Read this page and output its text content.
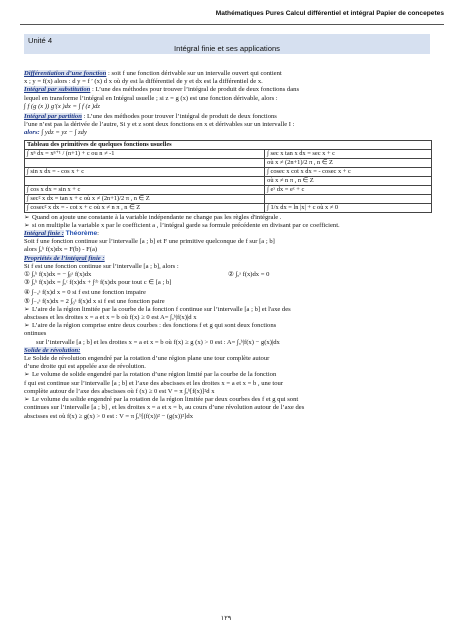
Mathématiques Pures Calcul différentiel et intégral Papier de concepetes
Unité 4
Intégral finie et ses applications

Différentiation d’une fonction : soit f une fonction dérivable sur un intervalle ouvert qui contient

x ; y = f(x) alors : d y = f ′ (x) d x où dy est la différentiel de y et dx est la différentiel de x.

Intégral par substitution : L’une des méthodes pour trouver l’intégral de produit de deux fonctions dans

lequel en transforme l’intégral en Intégral usuelle ; si z = g (x) est une fonction dérivable, alors :

∫ f (g (x )) g′(x )dx = ∫ f (z )dz

Intégral par partition : L’une des méthodes pour trouver l’intégral de produit de deux fonctions

l’une n’est pas la dérivée de l’autre, Si y et z sont deux fonctions en x et dérivables sur un intervalle I :

alors: ∫ ydz = yz − ∫ zdy

Tableau des primitives de quelques fonctions usuelles	
∫ xⁿ dx = xⁿ⁺¹ / (n+1) + c ou n ≠ -1	∫ sec x tan x dx = sec x + c
	où x ≠ (2n+1)/2 π , n ∈ Z
∫ sin x dx = - cos x + c	∫ cosec x cot x dx = - cosec x + c
	où x ≠ n π , n ∈ Z
∫ cos x dx = sin x + c	∫ eˣ dx = eˣ + c
∫ sec² x dx = tan x + c où x ≠ (2n+1)/2 π , n ∈ Z	
∫ cosec² x dx = - cot x + c où x ≠ n π , n ∈ Z	∫ 1/x dx = ln |x| + c où x ≠ 0

➢ Quand on ajoute une constante à la variable indépendante ne change pas les règles d'intégrale .

➢ si on multiplie la variable x par le coefficient a , l’intégral garde sa formule précédente en divisant par ce coefficient.

Intégral finie : Théorème:

Soit f une fonction continue sur l’intervalle [a ; b] et F une primitive quelconque de f sur [a ; b]

alors ∫ₐᵇ f(x)dx = F(b) - F(a)

Propriétés de l’intégral finie :

Si f est une fonction continue sur l’intervalle [a ; b], alors :

① ∫ₐᵇ f(x)dx = − ∫ᵦᵃ f(x)dx	② ∫ₐᵃ f(x)dx = 0

③ ∫ₐᵇ f(x)dx = ∫ₐᶜ f(x)dx + ∫ᶜᵇ f(x)dx pour tout c ∈ [a ; b]

④ ∫₋ₐᵃ f(x)d x = 0 si f est une fonction impaire

⑤ ∫₋ₐᵃ f(x)dx = 2 ∫₀ᵃ f(x)d x si f est une fonction paire

➢ L’aire de la région limitée par la courbe de la fonction f continue sur l’intervalle [a ; b] et l'axe des

abscisses et les droites x = a et x = b où f(x) ≥ 0 est A= ∫ₐᵇ|f(x)|d x

➢ L’aire de la région comprise entre deux courbes : des fonctions f et g qui sont deux fonctions

ontinues

sur l’intervalle [a ; b] et les droites x = a et x = b où f(x) ≥ g (x) > 0 est : A= ∫ₐᵇ|f(x) − g(x)|dx

Solide de révolution:

Le Solide de révolution engendré par la rotation d’une région plane une tour complète autour

d’une droite qui est appelée axe de révolution.

➢ Le volume de solide engendré par la rotation d’une région limité par la courbe de la fonction

f qui est continue sur l’intervalle [a ; b] et l’axe des abscisses et les droites x = a et x = b , une tour

complète autour de l’axe des abscisses où f (x) ≥ 0 est V = π ∫ₐᵇ[f(x)]²d x

➢ Le volume du solide engendré par la rotation de la région limitée par deux courbes des f et g qui sont

continues sur l’intervalle [a ; b] , et les droites x = a et x = b, au cours d’une révolution autour de l’axe des

abscisses est où f(x) ≥ g(x) > 0 est : V = π ∫ₐᵇ[(f(x))² − (g(x))²]dx

١٢٩
